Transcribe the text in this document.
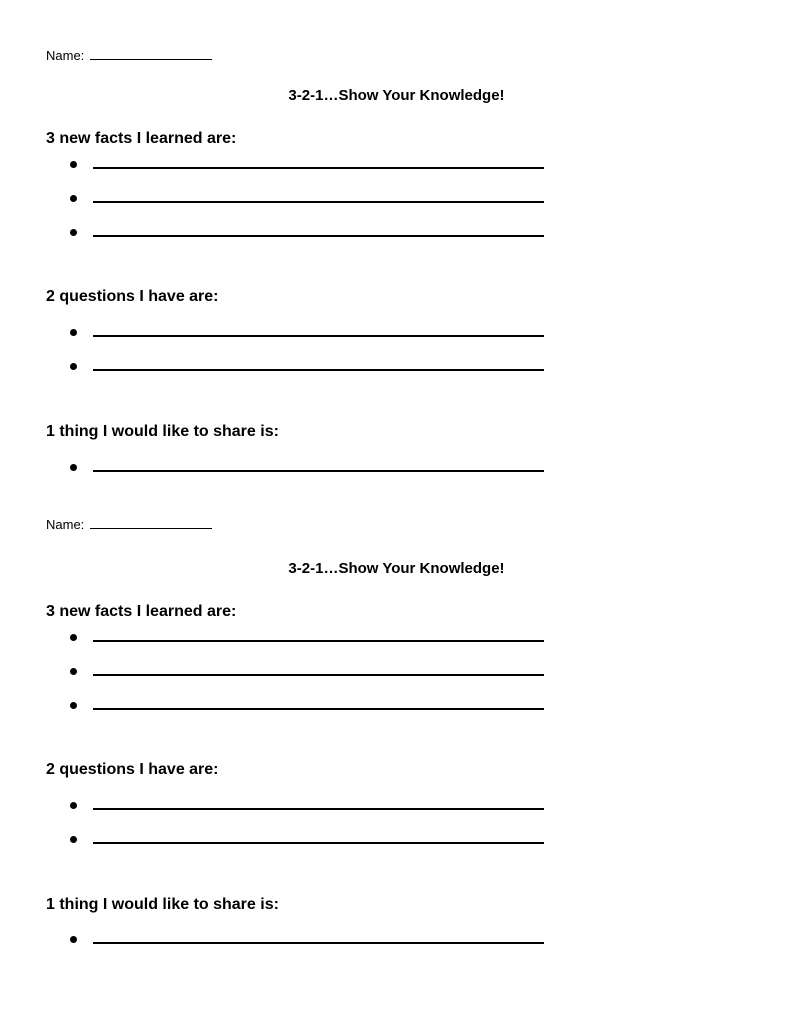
Name:
3-2-1…Show Your Knowledge!
3 new facts I learned are:
2 questions I have are:
1 thing I would like to share is:
Name:
3-2-1…Show Your Knowledge!
3 new facts I learned are:
2 questions I have are:
1 thing I would like to share is:
